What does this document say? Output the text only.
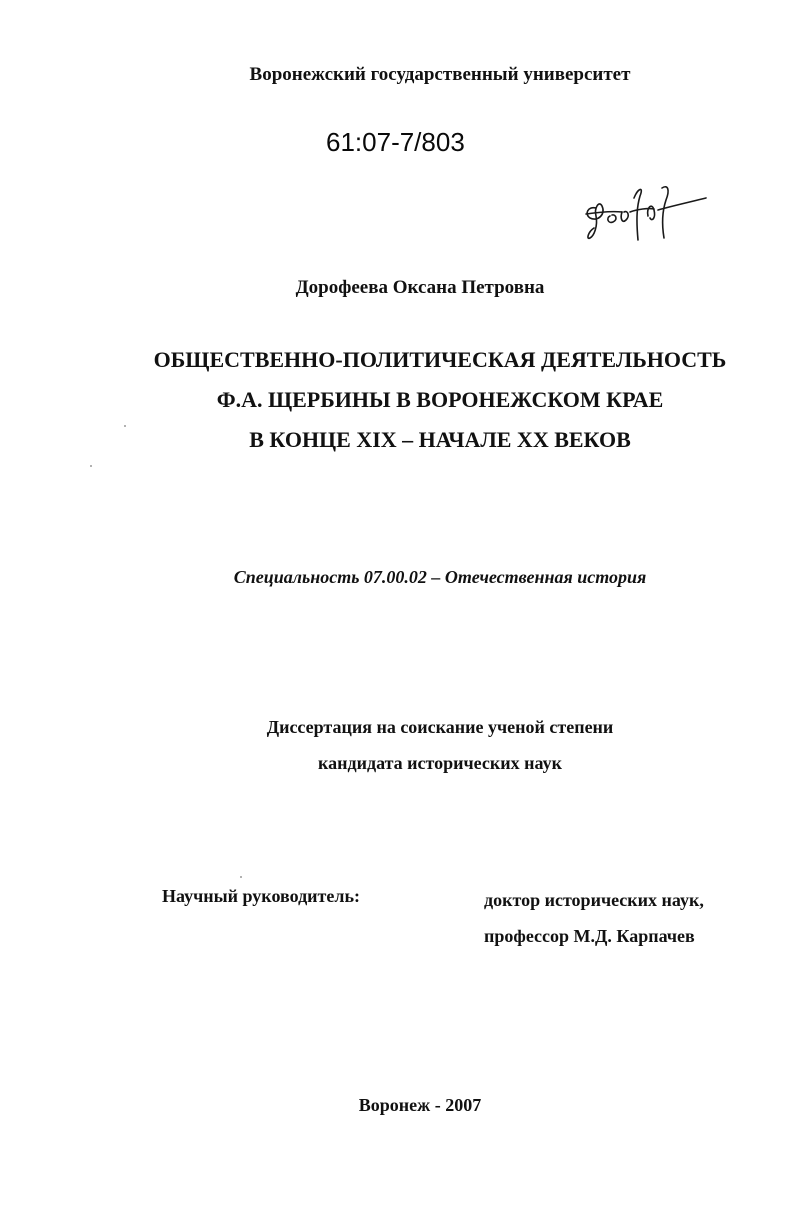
Воронежский государственный университет
61:07-7/803
Дорофеева Оксана Петровна
ОБЩЕСТВЕННО-ПОЛИТИЧЕСКАЯ ДЕЯТЕЛЬНОСТЬ
Ф.А. ЩЕРБИНЫ В ВОРОНЕЖСКОМ КРАЕ
В КОНЦЕ XIX – НАЧАЛЕ XX ВЕКОВ
Специальность 07.00.02 – Отечественная история
Диссертация на соискание ученой степени
кандидата исторических наук
Научный руководитель:	доктор исторических наук,
профессор М.Д. Карпачев
Воронеж - 2007
